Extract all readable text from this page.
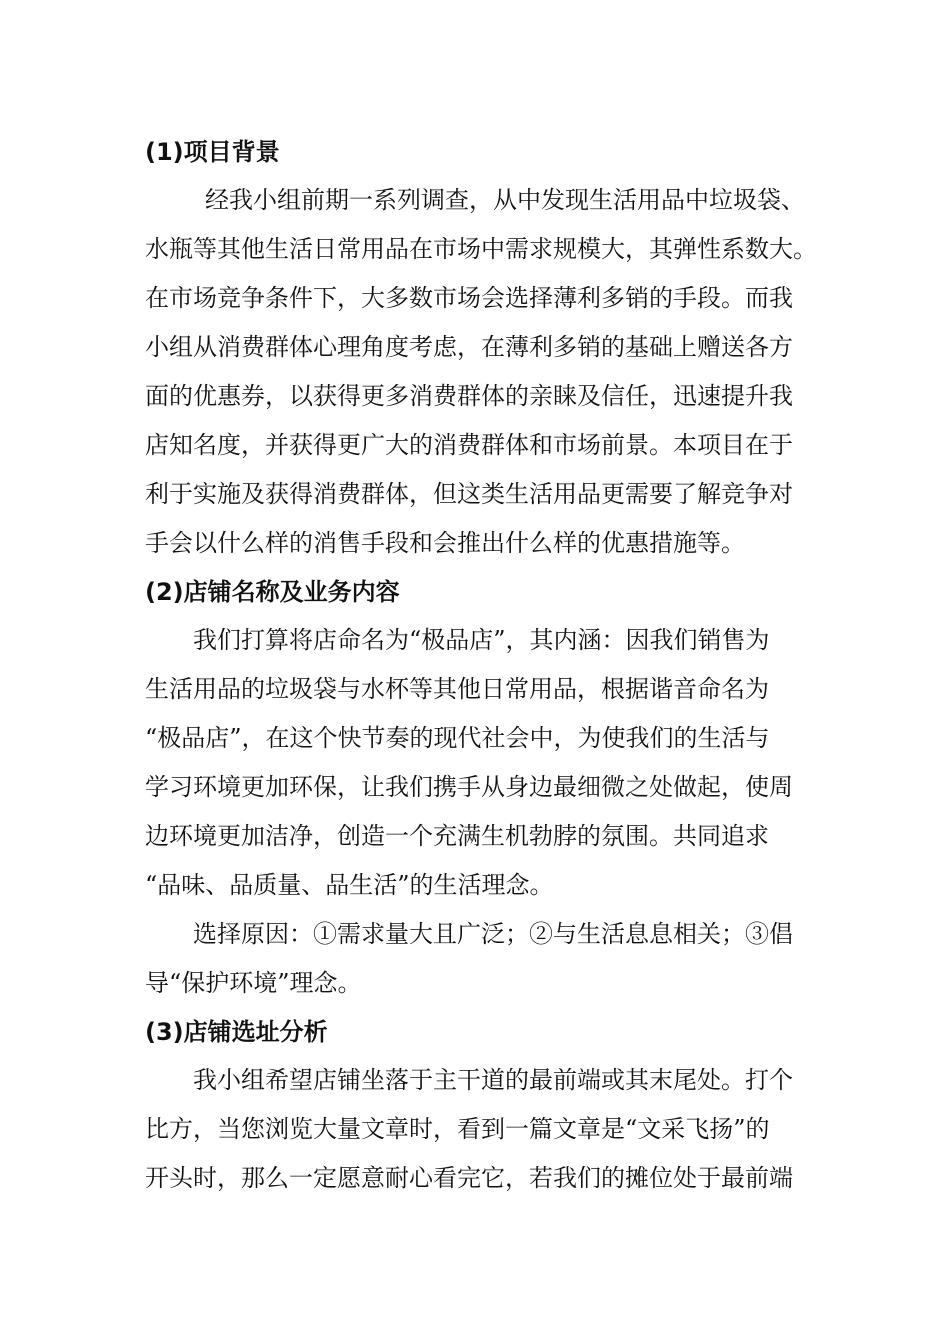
(1)项目背景
经我小组前期一系列调查，从中发现生活用品中垃圾袋、
水瓶等其他生活日常用品在市场中需求规模大，其弹性系数大。
在市场竞争条件下，大多数市场会选择薄利多销的手段。而我
小组从消费群体心理角度考虑，在薄利多销的基础上赠送各方
面的优惠券，以获得更多消费群体的亲睐及信任，迅速提升我
店知名度，并获得更广大的消费群体和市场前景。本项目在于
利于实施及获得消费群体，但这类生活用品更需要了解竞争对
手会以什么样的消售手段和会推出什么样的优惠措施等。
(2)店铺名称及业务内容
我们打算将店命名为“极品店”，其内涵：因我们销售为
生活用品的垃圾袋与水杯等其他日常用品，根据谐音命名为
“极品店”，在这个快节奏的现代社会中，为使我们的生活与
学习环境更加环保，让我们携手从身边最细微之处做起，使周
边环境更加洁净，创造一个充满生机勃脖的氛围。共同追求
“品味、品质量、品生活”的生活理念。
选择原因：①需求量大且广泛；②与生活息息相关；③倡
导“保护环境”理念。
(3)店铺选址分析
我小组希望店铺坐落于主干道的最前端或其末尾处。打个
比方，当您浏览大量文章时，看到一篇文章是“文采飞扬”的
开头时，那么一定愿意耐心看完它，若我们的摊位处于最前端
